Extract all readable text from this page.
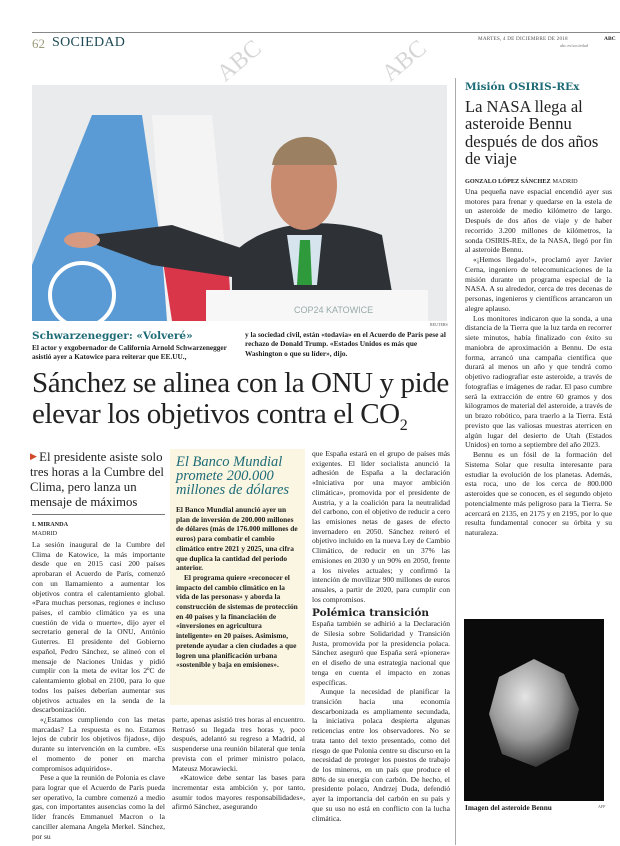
62 SOCIEDAD	MARTES, 4 DE DICIEMBRE DE 2018	ABC
abc.es/sociedad
COP24 KATOWICE
REUTERS
Schwarzenegger: «Volveré»
El actor y exgobernador de California Arnold Schwarzenegger asistió ayer a Katowice para reiterar que EE.UU.,
y la sociedad civil, están «todavía» en el Acuerdo de París pese al rechazo de Donald Trump. «Estados Unidos es más que Washington o que su líder», dijo.
Sánchez se alinea con la ONU y pide elevar los objetivos contra el $CO_2$
▶ El presidente asiste solo tres horas a la Cumbre del Clima, pero lanza un mensaje de máximos
I. MIRANDA
MADRID

La sesión inaugural de la Cumbre del Clima de Katowice, la más importante desde que en 2015 casi 200 países aprobaran el Acuerdo de París, comenzó con un llamamiento a aumentar los objetivos contra el calentamiento global. «Para muchas personas, regiones e incluso países, el cambio climático ya es una cuestión de vida o muerte», dijo ayer el secretario general de la ONU, António Guterres. El presidente del Gobierno español, Pedro Sánchez, se alineó con el mensaje de Naciones Unidas y pidió cumplir con la meta de evitar los 2ºC de calentamiento global en 2100, para lo que todos los países deberían aumentar sus objetivos actuales en la senda de la descarbonización.

«¿Estamos cumpliendo con las metas marcadas? La respuesta es no. Estamos lejos de cubrir los objetivos fijados», dijo durante su intervención en la cumbre. «Es el momento de poner en marcha compromisos adquiridos».

Pese a que la reunión de Polonia es clave para lograr que el Acuerdo de París pueda ser operativo, la cumbre comenzó a medio gas, con importantes ausencias como la del líder francés Emmanuel Macron o la canciller alemana Angela Merkel. Sánchez, por su

El Banco Mundial promete 200.000 millones de dólares

El Banco Mundial anunció ayer un plan de inversión de 200.000 millones de dólares (más de 176.000 millones de euros) para combatir el cambio climático entre 2021 y 2025, una cifra que duplica la cantidad del periodo anterior.

El programa quiere «reconocer el impacto del cambio climático en la vida de las personas» y aborda la construcción de sistemas de protección en 40 países y la financiación de «inversiones en agricultura inteligente» en 20 países. Asimismo, pretende ayudar a cien ciudades a que logren una planificación urbana «sostenible y baja en emisiones».

parte, apenas asistió tres horas al encuentro. Retrasó su llegada tres horas y, poco después, adelantó su regreso a Madrid, al suspenderse una reunión bilateral que tenía prevista con el primer ministro polaco, Mateusz Morawiecki.

«Katowice debe sentar las bases para incrementar esta ambición y, por tanto, asumir todos mayores responsabilidades», afirmó Sánchez, asegurando

que España estará en el grupo de países más exigentes. El líder socialista anunció la adhesión de España a la declaración «Iniciativa por una mayor ambición climática», promovida por el presidente de Austria, y a la coalición para la neutralidad del carbono, con el objetivo de reducir a cero las emisiones netas de gases de efecto invernadero en 2050. Sánchez reiteró el objetivo incluido en la nueva Ley de Cambio Climático, de reducir en un 37% las emisiones en 2030 y un 90% en 2050, frente a los niveles actuales; y confirmó la intención de movilizar 900 millones de euros anuales, a partir de 2020, para cumplir con los compromisos.

Polémica transición

España también se adhirió a la Declaración de Silesia sobre Solidaridad y Transición Justa, promovida por la presidencia polaca. Sánchez aseguró que España será «pionera» en el diseño de una estrategia nacional que tenga en cuenta el impacto en zonas específicas.

Aunque la necesidad de planificar la transición hacia una economía descarbonizada es ampliamente secundada, la iniciativa polaca despierta algunas reticencias entre los observadores. No se trata tanto del texto presentado, como del riesgo de que Polonia centre su discurso en la necesidad de proteger los puestos de trabajo de los mineros, en un país que produce el 80% de su energía con carbón. De hecho, el presidente polaco, Andrzej Duda, defendió ayer la importancia del carbón en su país y que su uso no está en conflicto con la lucha climática.

Misión OSIRIS-REx
La NASA llega al asteroide Bennu después de dos años de viaje

GONZALO LÓPEZ SÁNCHEZ MADRID

Una pequeña nave espacial encendió ayer sus motores para frenar y quedarse en la estela de un asteroide de medio kilómetro de largo. Después de dos años de viaje y de haber recorrido 3.200 millones de kilómetros, la sonda OSIRIS-REx, de la NASA, llegó por fin al asteroide Bennu.

«¡Hemos llegado!», proclamó ayer Javier Cerna, ingeniero de telecomunicaciones de la misión durante un programa especial de la NASA. A su alrededor, cerca de tres decenas de personas, ingenieros y científicos arrancaron un alegre aplauso.

Los monitores indicaron que la sonda, a una distancia de la Tierra que la luz tarda en recorrer siete minutos, había finalizado con éxito su maniobra de aproximación a Bennu. De esta forma, arrancó una campaña científica que durará al menos un año y que tendrá como objetivo radiografiar este asteroide, a través de fotografías e imágenes de radar. El paso cumbre será la extracción de entre 60 gramos y dos kilogramos de material del asteroide, a través de un brazo robótico, para traerlo a la Tierra. Está previsto que las valiosas muestras aterricen en algún lugar del desierto de Utah (Estados Unidos) en torno a septiembre del año 2023.

Bennu es un fósil de la formación del Sistema Solar que resulta interesante para estudiar la evolución de los planetas. Además, esta roca, uno de los cerca de 800.000 asteroides que se conocen, es el segundo objeto potencialmente más peligroso para la Tierra. Se acercará en 2135, en 2175 y en 2195, por lo que resulta fundamental conocer su órbita y su naturaleza.

Imagen del asteroide Bennu	AFP
ABC	ABC
